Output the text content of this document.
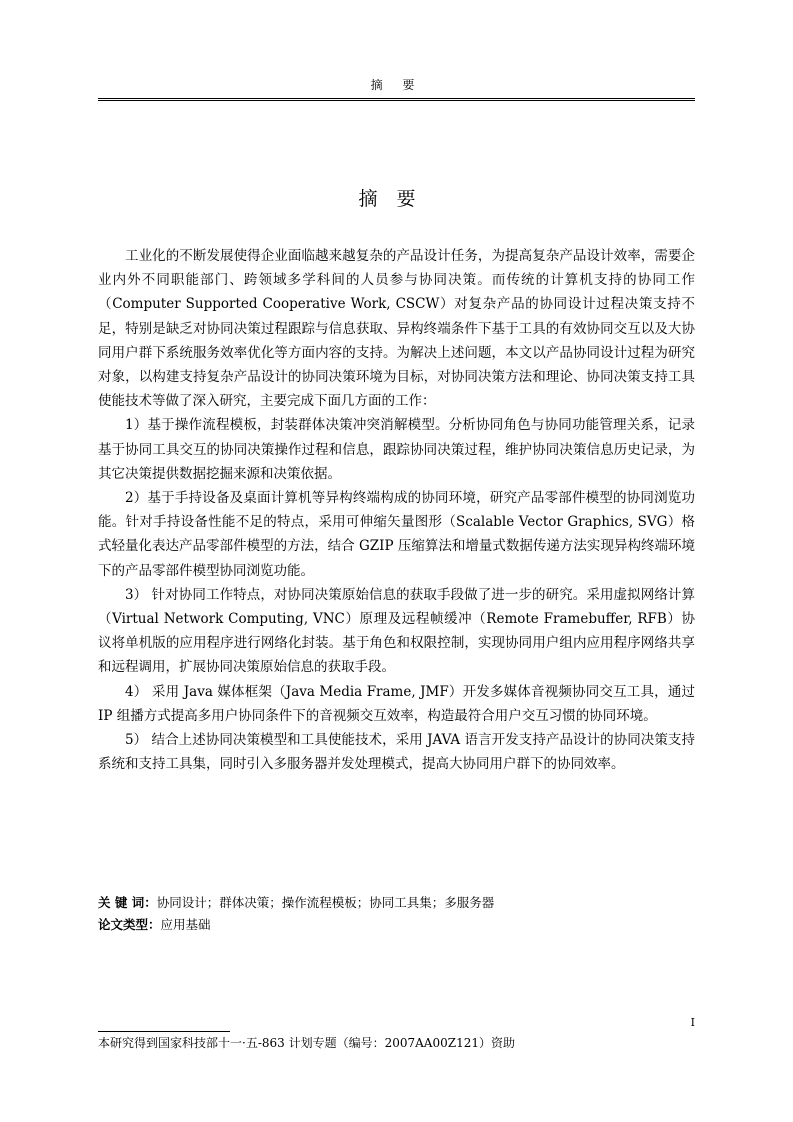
摘 要
摘要

工业化的不断发展使得企业面临越来越复杂的产品设计任务，为提高复杂产品设计效率，需要企业内外不同职能部门、跨领域多学科间的人员参与协同决策。而传统的计算机支持的协同工作（Computer Supported Cooperative Work, CSCW）对复杂产品的协同设计过程决策支持不足，特别是缺乏对协同决策过程跟踪与信息获取、异构终端条件下基于工具的有效协同交互以及大协同用户群下系统服务效率优化等方面内容的支持。为解决上述问题，本文以产品协同设计过程为研究对象，以构建支持复杂产品设计的协同决策环境为目标，对协同决策方法和理论、协同决策支持工具使能技术等做了深入研究，主要完成下面几方面的工作：

1）基于操作流程模板，封装群体决策冲突消解模型。分析协同角色与协同功能管理关系，记录基于协同工具交互的协同决策操作过程和信息，跟踪协同决策过程，维护协同决策信息历史记录，为其它决策提供数据挖掘来源和决策依据。

2）基于手持设备及桌面计算机等异构终端构成的协同环境，研究产品零部件模型的协同浏览功能。针对手持设备性能不足的特点，采用可伸缩矢量图形（Scalable Vector Graphics, SVG）格式轻量化表达产品零部件模型的方法，结合 GZIP 压缩算法和增量式数据传递方法实现异构终端环境下的产品零部件模型协同浏览功能。

3） 针对协同工作特点，对协同决策原始信息的获取手段做了进一步的研究。采用虚拟网络计算（Virtual Network Computing, VNC）原理及远程帧缓冲（Remote Framebuffer, RFB）协议将单机版的应用程序进行网络化封装。基于角色和权限控制，实现协同用户组内应用程序网络共享和远程调用，扩展协同决策原始信息的获取手段。

4） 采用 Java 媒体框架（Java Media Frame, JMF）开发多媒体音视频协同交互工具，通过 IP 组播方式提高多用户协同条件下的音视频交互效率，构造最符合用户交互习惯的协同环境。

5） 结合上述协同决策模型和工具使能技术，采用 JAVA 语言开发支持产品设计的协同决策支持系统和支持工具集，同时引入多服务器并发处理模式，提高大协同用户群下的协同效率。

关 键 词：协同设计；群体决策；操作流程模板；协同工具集；多服务器

论文类型：应用基础

I
本研究得到国家科技部十一·五-863 计划专题（编号：2007AA00Z121）资助
